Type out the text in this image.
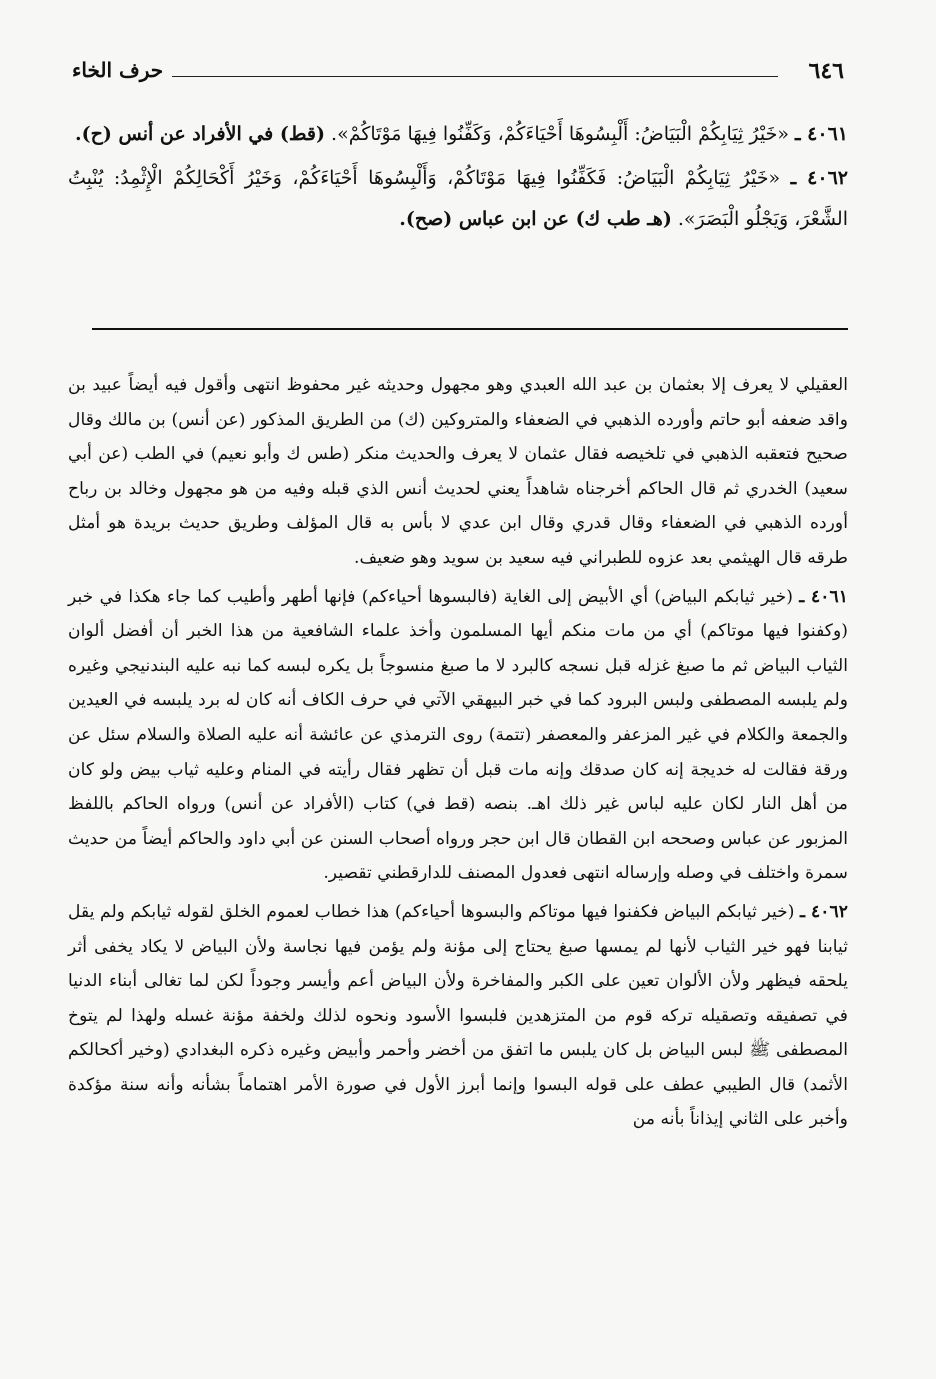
٦٤٦
حرف الخاء

٤٠٦١ ـ «خَيْرُ ثِيَابِكُمْ الْبَيَاضُ: أَلْبِسُوهَا أَحْيَاءَكُمْ، وَكَفِّنُوا فِيهَا مَوْتَاكُمْ». (قط) في الأفراد عن أنس (ح).

٤٠٦٢ ـ «خَيْرُ ثِيَابِكُمْ الْبَيَاضُ: فَكَفِّنُوا فِيهَا مَوْتَاكُمْ، وَأَلْبِسُوهَا أَحْيَاءَكُمْ، وَخَيْرُ أَكْحَالِكُمْ الْإِثْمِدُ: يُنْبِتُ الشَّعْرَ، وَيَجْلُو الْبَصَرَ». (هـ طب ك) عن ابن عباس (صح).

العقيلي لا يعرف إلا بعثمان بن عبد الله العبدي وهو مجهول وحديثه غير محفوظ انتهى وأقول فيه أيضاً عبيد بن واقد ضعفه أبو حاتم وأورده الذهبي في الضعفاء والمتروكين (ك) من الطريق المذكور (عن أنس) بن مالك وقال صحيح فتعقبه الذهبي في تلخيصه فقال عثمان لا يعرف والحديث منكر (طس ك وأبو نعيم) في الطب (عن أبي سعيد) الخدري ثم قال الحاكم أخرجناه شاهداً يعني لحديث أنس الذي قبله وفيه من هو مجهول وخالد بن رباح أورده الذهبي في الضعفاء وقال قدري وقال ابن عدي لا بأس به قال المؤلف وطريق حديث بريدة هو أمثل طرقه قال الهيثمي بعد عزوه للطبراني فيه سعيد بن سويد وهو ضعيف.

٤٠٦١ ـ (خير ثيابكم البياض) أي الأبيض إلى الغاية (فالبسوها أحياءكم) فإنها أطهر وأطيب كما جاء هكذا في خبر (وكفنوا فيها موتاكم) أي من مات منكم أيها المسلمون وأخذ علماء الشافعية من هذا الخبر أن أفضل ألوان الثياب البياض ثم ما صبغ غزله قبل نسجه كالبرد لا ما صبغ منسوجاً بل يكره لبسه كما نبه عليه البندنيجي وغيره ولم يلبسه المصطفى ولبس البرود كما في خبر البيهقي الآتي في حرف الكاف أنه كان له برد يلبسه في العيدين والجمعة والكلام في غير المزعفر والمعصفر (تتمة) روى الترمذي عن عائشة أنه عليه الصلاة والسلام سئل عن ورقة فقالت له خديجة إنه كان صدقك وإنه مات قبل أن تظهر فقال رأيته في المنام وعليه ثياب بيض ولو كان من أهل النار لكان عليه لباس غير ذلك اهـ. بنصه (قط في) كتاب (الأفراد عن أنس) ورواه الحاكم باللفظ المزبور عن عباس وصححه ابن القطان قال ابن حجر ورواه أصحاب السنن عن أبي داود والحاكم أيضاً من حديث سمرة واختلف في وصله وإرساله انتهى فعدول المصنف للدارقطني تقصير.

٤٠٦٢ ـ (خير ثيابكم البياض فكفنوا فيها موتاكم والبسوها أحياءكم) هذا خطاب لعموم الخلق لقوله ثيابكم ولم يقل ثيابنا فهو خير الثياب لأنها لم يمسها صبغ يحتاج إلى مؤنة ولم يؤمن فيها نجاسة ولأن البياض لا يكاد يخفى أثر يلحقه فيظهر ولأن الألوان تعين على الكبر والمفاخرة ولأن البياض أعم وأيسر وجوداً لكن لما تغالى أبناء الدنيا في تصفيقه وتصقيله تركه قوم من المتزهدين فلبسوا الأسود ونحوه لذلك ولخفة مؤنة غسله ولهذا لم يتوخ المصطفى ﷺ لبس البياض بل كان يلبس ما اتفق من أخضر وأحمر وأبيض وغيره ذكره البغدادي (وخير أكحالكم الأثمد) قال الطيبي عطف على قوله البسوا وإنما أبرز الأول في صورة الأمر اهتماماً بشأنه وأنه سنة مؤكدة وأخبر على الثاني إيذاناً بأنه من
